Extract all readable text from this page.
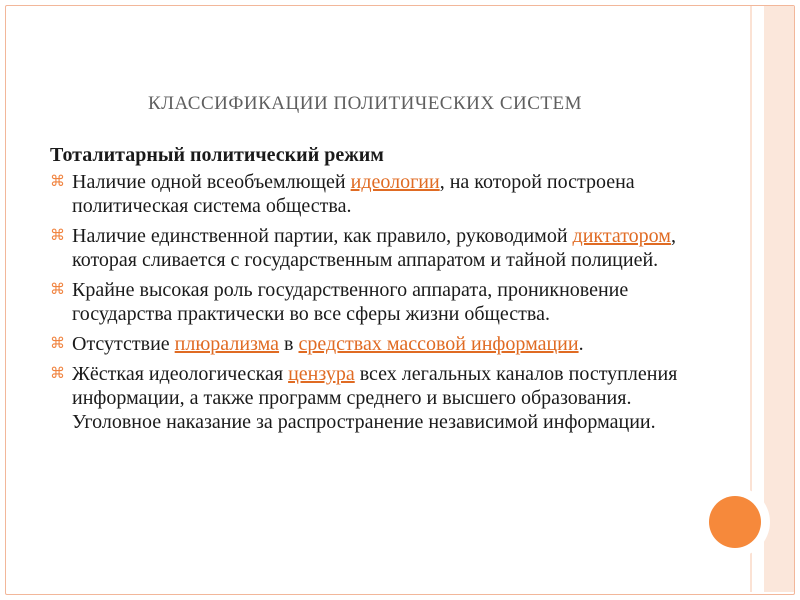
КЛАССИФИКАЦИИ ПОЛИТИЧЕСКИХ СИСТЕМ
Тоталитарный политический режим
⌘ Наличие одной всеобъемлющей идеологии, на которой построена политическая система общества.
⌘ Наличие единственной партии, как правило, руководимой диктатором, которая сливается с государственным аппаратом и тайной полицией.
⌘ Крайне высокая роль государственного аппарата, проникновение государства практически во все сферы жизни общества.
⌘ Отсутствие плюрализма в средствах массовой информации.
⌘ Жёсткая идеологическая цензура всех легальных каналов поступления информации, а также программ среднего и высшего образования. Уголовное наказание за распространение независимой информации.
